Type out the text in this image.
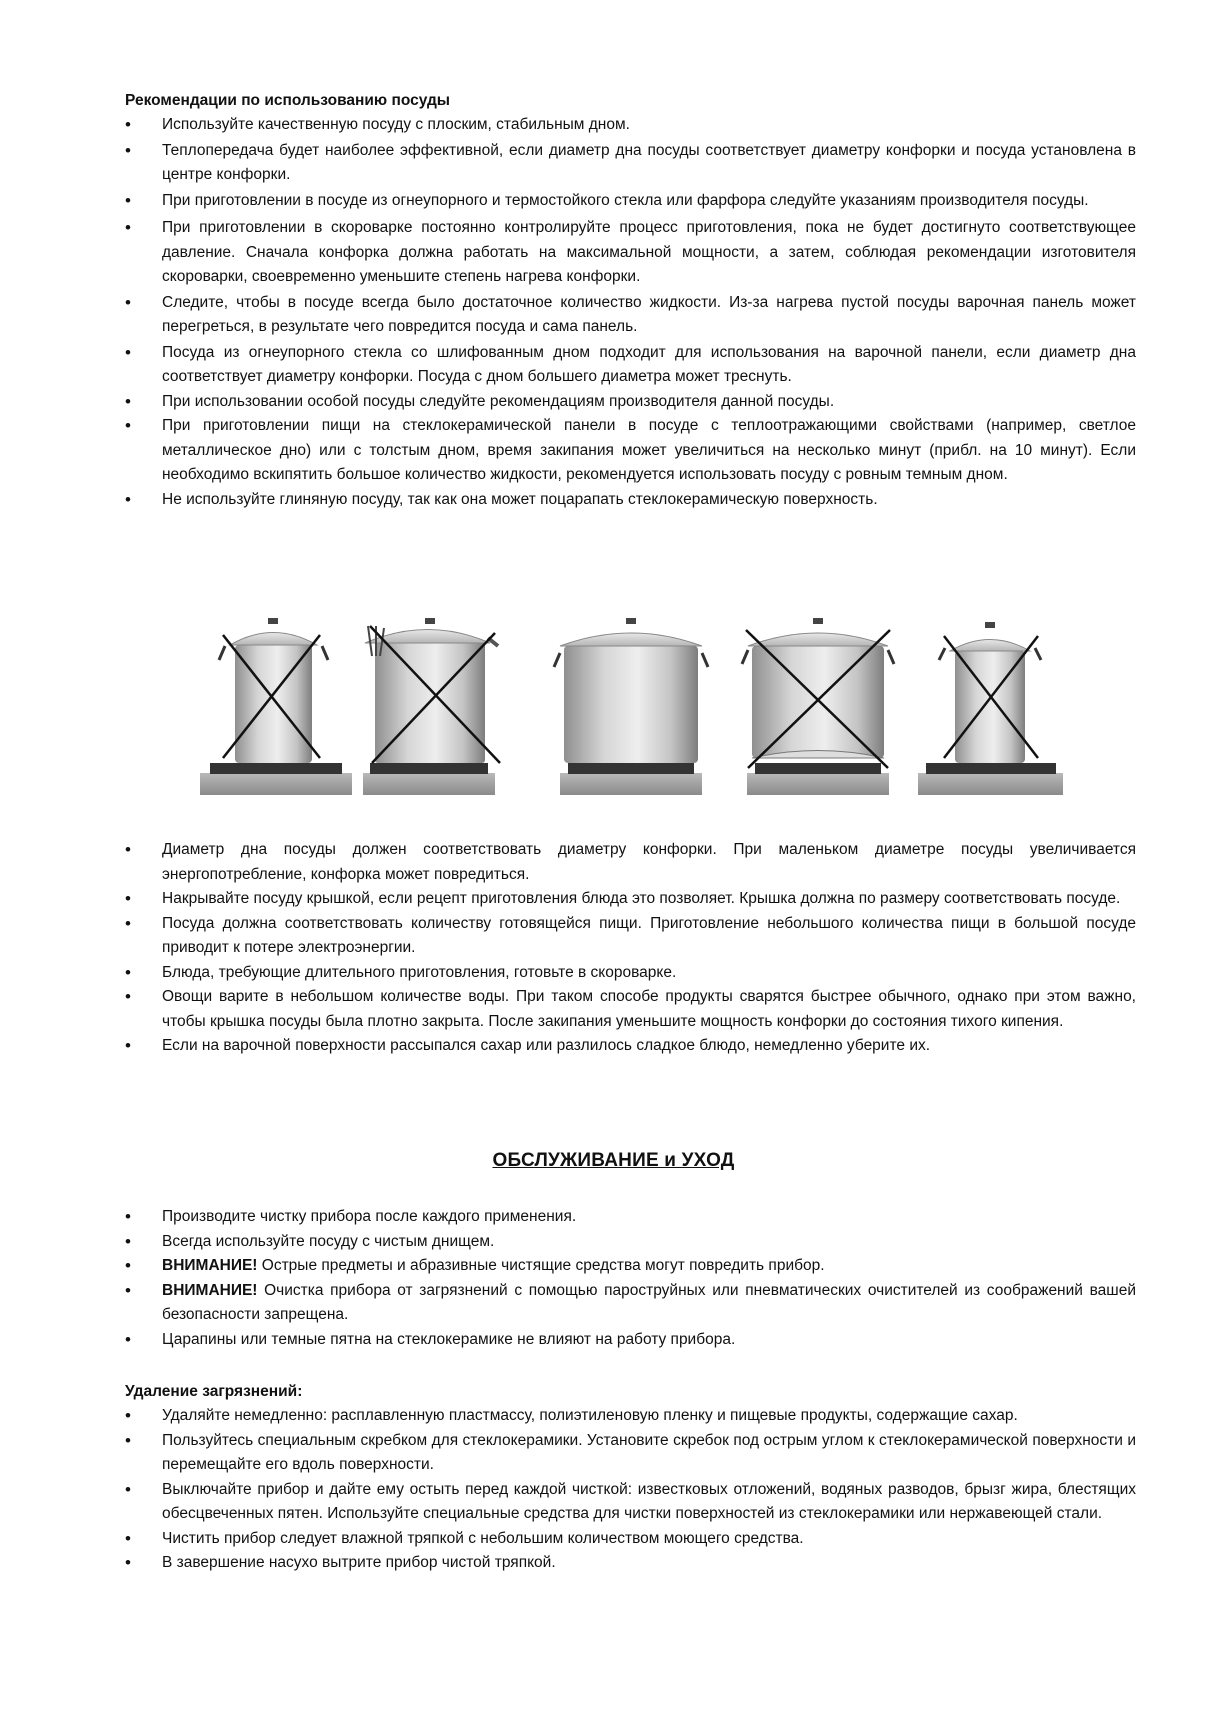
Рекомендации по использованию посуды

• Используйте качественную посуду с плоским, стабильным дном.
• Теплопередача будет наиболее эффективной, если диаметр дна посуды соответствует диаметру конфорки и посуда установлена в центре конфорки.
• При приготовлении в посуде из огнеупорного и термостойкого стекла или фарфора следуйте указаниям производителя посуды.
• При приготовлении в скороварке постоянно контролируйте процесс приготовления, пока не будет достигнуто соответствующее давление. Сначала конфорка должна работать на максимальной мощности, а затем, соблюдая рекомендации изготовителя скороварки, своевременно уменьшите степень нагрева конфорки.
• Следите, чтобы в посуде всегда было достаточное количество жидкости. Из-за нагрева пустой посуды варочная панель может перегреться, в результате чего повредится посуда и сама панель.
• Посуда из огнеупорного стекла со шлифованным дном подходит для использования на варочной панели, если диаметр дна соответствует диаметру конфорки. Посуда с дном большего диаметра может треснуть.
• При использовании особой посуды следуйте рекомендациям производителя данной посуды.
• При приготовлении пищи на стеклокерамической панели в посуде с теплоотражающими свойствами (например, светлое металлическое дно) или с толстым дном, время закипания может увеличиться на несколько минут (прибл. на 10 минут). Если необходимо вскипятить большое количество жидкости, рекомендуется использовать посуду с ровным темным дном.
• Не используйте глиняную посуду, так как она может поцарапать стеклокерамическую поверхность.
• Диаметр дна посуды должен соответствовать диаметру конфорки. При маленьком диаметре посуды увеличивается энергопотребление, конфорка может повредиться.
• Накрывайте посуду крышкой, если рецепт приготовления блюда это позволяет. Крышка должна по размеру соответствовать посуде.
• Посуда должна соответствовать количеству готовящейся пищи. Приготовление небольшого количества пищи в большой посуде приводит к потере электроэнергии.
• Блюда, требующие длительного приготовления, готовьте в скороварке.
• Овощи варите в небольшом количестве воды. При таком способе продукты сварятся быстрее обычного, однако при этом важно, чтобы крышка посуды была плотно закрыта. После закипания уменьшите мощность конфорки до состояния тихого кипения.
• Если на варочной поверхности рассыпался сахар или разлилось сладкое блюдо, немедленно уберите их.
ОБСЛУЖИВАНИЕ и УХОД
• Производите чистку прибора после каждого применения.
• Всегда используйте посуду с чистым днищем.
• ВНИМАНИЕ! Острые предметы и абразивные чистящие средства могут повредить прибор.
• ВНИМАНИЕ! Очистка прибора от загрязнений с помощью пароструйных или пневматических очистителей из соображений вашей безопасности запрещена.
• Царапины или темные пятна на стеклокерамике не влияют на работу прибора.

Удаление загрязнений:

• Удаляйте немедленно: расплавленную пластмассу, полиэтиленовую пленку и пищевые продукты, содержащие сахар.
• Пользуйтесь специальным скребком для стеклокерамики. Установите скребок под острым углом к стеклокерамической поверхности и перемещайте его вдоль поверхности.
• Выключайте прибор и дайте ему остыть перед каждой чисткой: известковых отложений, водяных разводов, брызг жира, блестящих обесцвеченных пятен. Используйте специальные средства для чистки поверхностей из стеклокерамики или нержавеющей стали.
• Чистить прибор следует влажной тряпкой с небольшим количеством моющего средства.
• В завершение насухо вытрите прибор чистой тряпкой.
